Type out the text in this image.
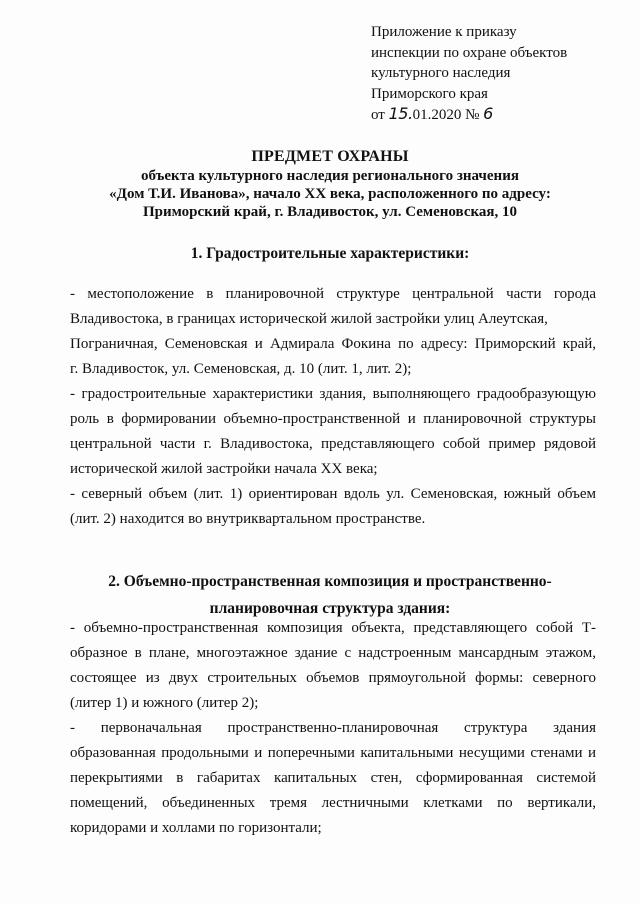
Приложение к приказу
инспекции по охране объектов
культурного наследия
Приморского края
от 15.01.2020 № 6
ПРЕДМЕТ ОХРАНЫ
объекта культурного наследия регионального значения
«Дом Т.И. Иванова», начало XX века, расположенного по адресу:
Приморский край, г. Владивосток, ул. Семеновская, 10
1. Градостроительные характеристики:
- местоположение в планировочной структуре центральной части города
Владивостока, в границах исторической жилой застройки улиц Алеутская,
Пограничная, Семеновская и Адмирала Фокина по адресу: Приморский край,
г. Владивосток, ул. Семеновская, д. 10 (лит. 1, лит. 2);
- градостроительные характеристики здания, выполняющего градообразующую
роль в формировании объемно-пространственной и планировочной структуры
центральной части г. Владивостока, представляющего собой пример рядовой
исторической жилой застройки начала XX века;
- северный объем (лит. 1) ориентирован вдоль ул. Семеновская, южный объем
(лит. 2) находится во внутриквартальном пространстве.
2. Объемно-пространственная композиция и пространственно-
планировочная структура здания:
- объемно-пространственная композиция объекта, представляющего собой Т-
образное в плане, многоэтажное здание с надстроенным мансардным этажом,
состоящее из двух строительных объемов прямоугольной формы: северного
(литер 1) и южного (литер 2);
- первоначальная пространственно-планировочная структура здания
образованная продольными и поперечными капитальными несущими стенами и
перекрытиями в габаритах капитальных стен, сформированная системой
помещений, объединенных тремя лестничными клетками по вертикали,
коридорами и холлами по горизонтали;
